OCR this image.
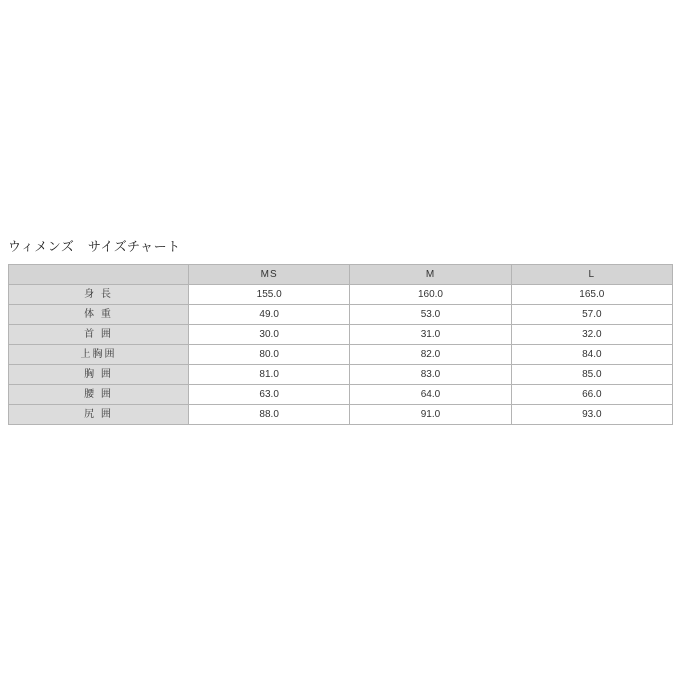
ウィメンズ　サイズチャート
	MS	M	L
身 長	155.0	160.0	165.0
体 重	49.0	53.0	57.0
首 囲	30.0	31.0	32.0
上胸囲	80.0	82.0	84.0
胸 囲	81.0	83.0	85.0
腰 囲	63.0	64.0	66.0
尻 囲	88.0	91.0	93.0
